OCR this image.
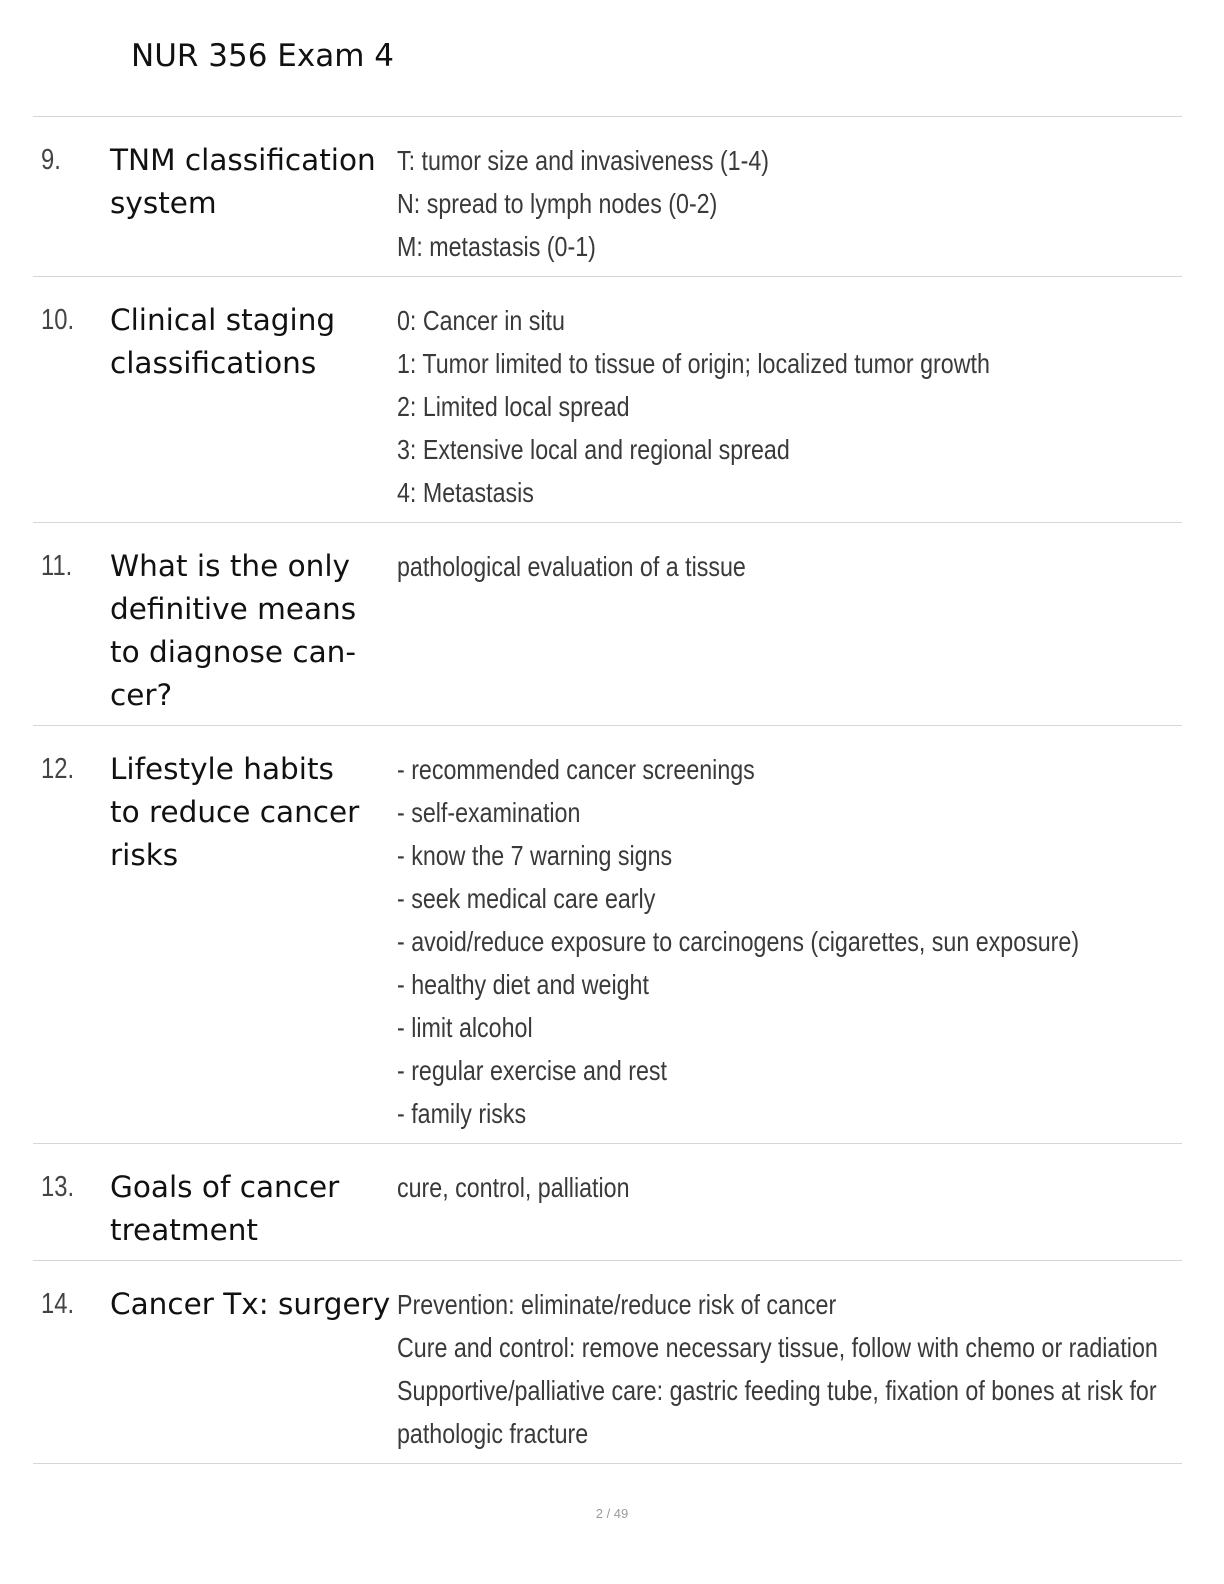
NUR 356 Exam 4
9. TNM classification system
T: tumor size and invasiveness (1-4)
N: spread to lymph nodes (0-2)
M: metastasis (0-1)
10. Clinical staging classifications
0: Cancer in situ
1: Tumor limited to tissue of origin; localized tumor growth
2: Limited local spread
3: Extensive local and regional spread
4: Metastasis
11. What is the only definitive means to diagnose can-cer?
pathological evaluation of a tissue
12. Lifestyle habits to reduce cancer risks
- recommended cancer screenings
- self-examination
- know the 7 warning signs
- seek medical care early
- avoid/reduce exposure to carcinogens (cigarettes, sun exposure)
- healthy diet and weight
- limit alcohol
- regular exercise and rest
- family risks
13. Goals of cancer treatment
cure, control, palliation
14. Cancer Tx: surgery Prevention: eliminate/reduce risk of cancer
Cure and control: remove necessary tissue, follow with chemo or radiation
Supportive/palliative care: gastric feeding tube, fixation of bones at risk for
pathologic fracture
2 / 49
